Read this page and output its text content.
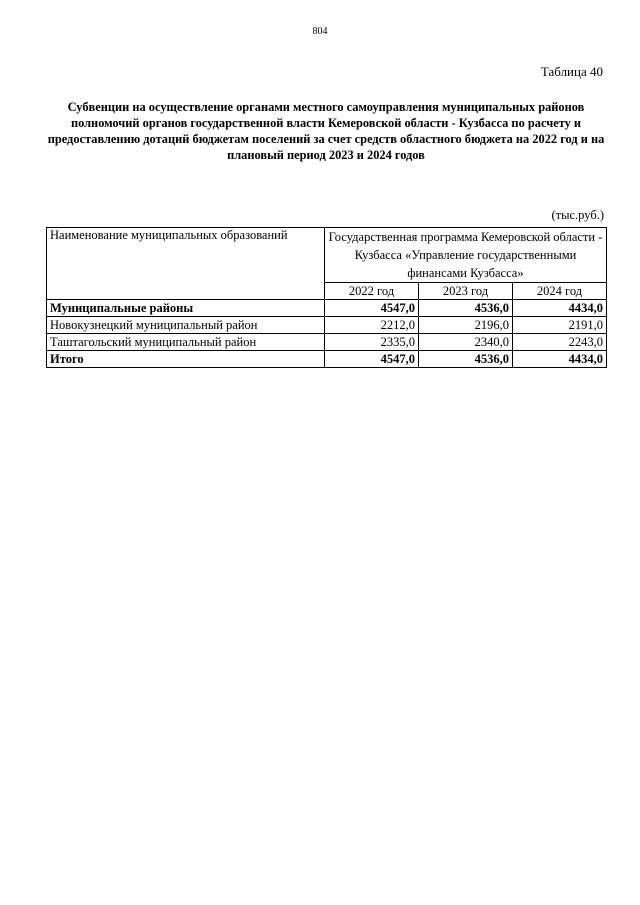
804
Таблица 40
Субвенции на осуществление органами местного самоуправления муниципальных районов полномочий органов государственной власти Кемеровской области - Кузбасса по расчету и предоставлению дотаций бюджетам поселений за счет средств областного бюджета на 2022 год и на плановый период 2023 и 2024 годов
(тыс.руб.)
Наименование муниципальных образований	Государственная программа Кемеровской области - Кузбасса «Управление государственными финансами Кузбасса»		
	2022 год	2023 год	2024 год
Муниципальные районы	4547,0	4536,0	4434,0
Новокузнецкий муниципальный район	2212,0	2196,0	2191,0
Таштагольский муниципальный район	2335,0	2340,0	2243,0
Итого	4547,0	4536,0	4434,0
